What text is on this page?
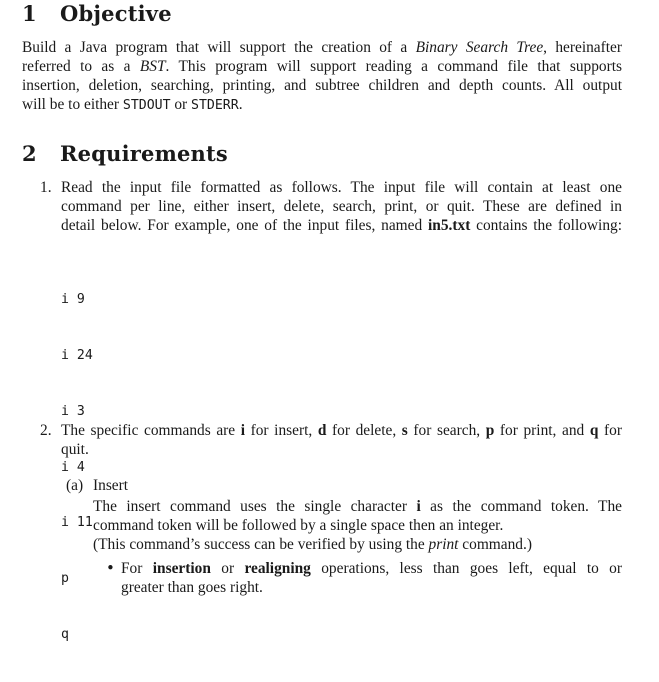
1 Objective
Build a Java program that will support the creation of a Binary Search Tree, hereinafter
referred to as a BST. This program will support reading a command file that supports
insertion, deletion, searching, printing, and subtree children and depth counts. All output
will be to either STDOUT or STDERR.
2 Requirements
1. Read the input file formatted as follows. The input file will contain at least one
command per line, either insert, delete, search, print, or quit. These are defined in
detail below. For example, one of the input files, named in5.txt contains the following:

i 9

i 24

i 3

i 4

i 11

p

q

2. The specific commands are i for insert, d for delete, s for search, p for print, and q for
quit.
(a) Insert
The insert command uses the single character i as the command token. The
command token will be followed by a single space then an integer.
(This command’s success can be verified by using the print command.)
• For insertion or realigning operations, less than goes left, equal to or
greater than goes right.
